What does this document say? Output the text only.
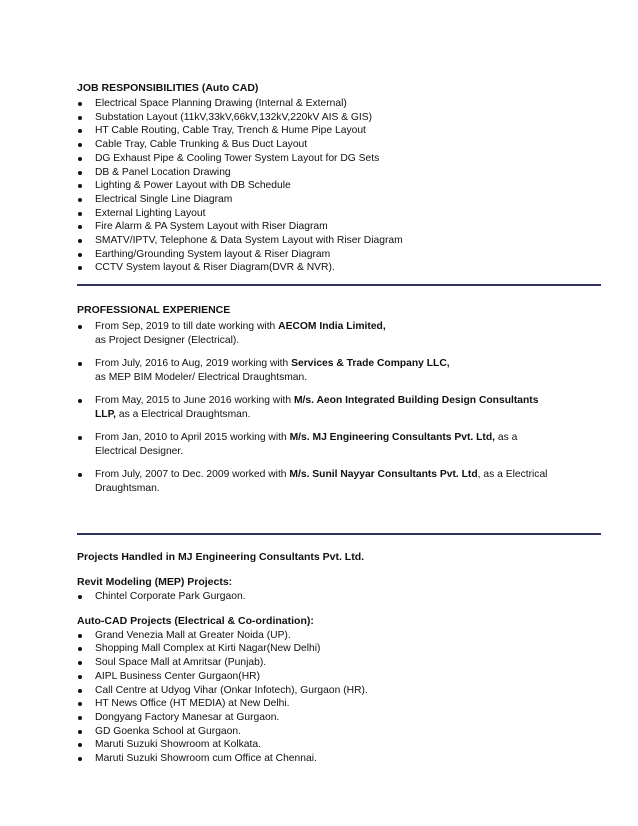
JOB RESPONSIBILITIES (Auto CAD)

Electrical Space Planning Drawing (Internal & External)
Substation Layout (11kV,33kV,66kV,132kV,220kV AIS & GIS)
HT Cable Routing, Cable Tray, Trench & Hume Pipe Layout
Cable Tray, Cable Trunking & Bus Duct Layout
DG Exhaust Pipe & Cooling Tower System Layout for DG Sets
DB & Panel Location Drawing
Lighting & Power Layout with DB Schedule
Electrical Single Line Diagram
External Lighting Layout
Fire Alarm & PA System Layout with Riser Diagram
SMATV/IPTV, Telephone & Data System Layout with Riser Diagram
Earthing/Grounding System layout & Riser Diagram
CCTV System layout & Riser Diagram(DVR & NVR).

PROFESSIONAL EXPERIENCE

From Sep, 2019 to till date working with AECOM India Limited,
as Project Designer (Electrical).
From July, 2016 to Aug, 2019 working with Services & Trade Company LLC,
as MEP BIM Modeler/ Electrical Draughtsman.
From May, 2015 to June 2016 working with M/s. Aeon Integrated Building Design Consultants
LLP, as a Electrical Draughtsman.
From Jan, 2010 to April 2015 working with M/s. MJ Engineering Consultants Pvt. Ltd, as a
Electrical Designer.
From July, 2007 to Dec. 2009 worked with M/s. Sunil Nayyar Consultants Pvt. Ltd, as a Electrical
Draughtsman.

Projects Handled in MJ Engineering Consultants Pvt. Ltd.

Revit Modeling (MEP) Projects:

Chintel Corporate Park Gurgaon.

Auto-CAD Projects (Electrical & Co-ordination):

Grand Venezia Mall at Greater Noida (UP).
Shopping Mall Complex at Kirti Nagar(New Delhi)
Soul Space Mall at Amritsar (Punjab).
AIPL Business Center Gurgaon(HR)
Call Centre at Udyog Vihar (Onkar Infotech), Gurgaon (HR).
HT News Office (HT MEDIA) at New Delhi.
Dongyang Factory Manesar at Gurgaon.
GD Goenka School at Gurgaon.
Maruti Suzuki Showroom at Kolkata.
Maruti Suzuki Showroom cum Office at Chennai.
